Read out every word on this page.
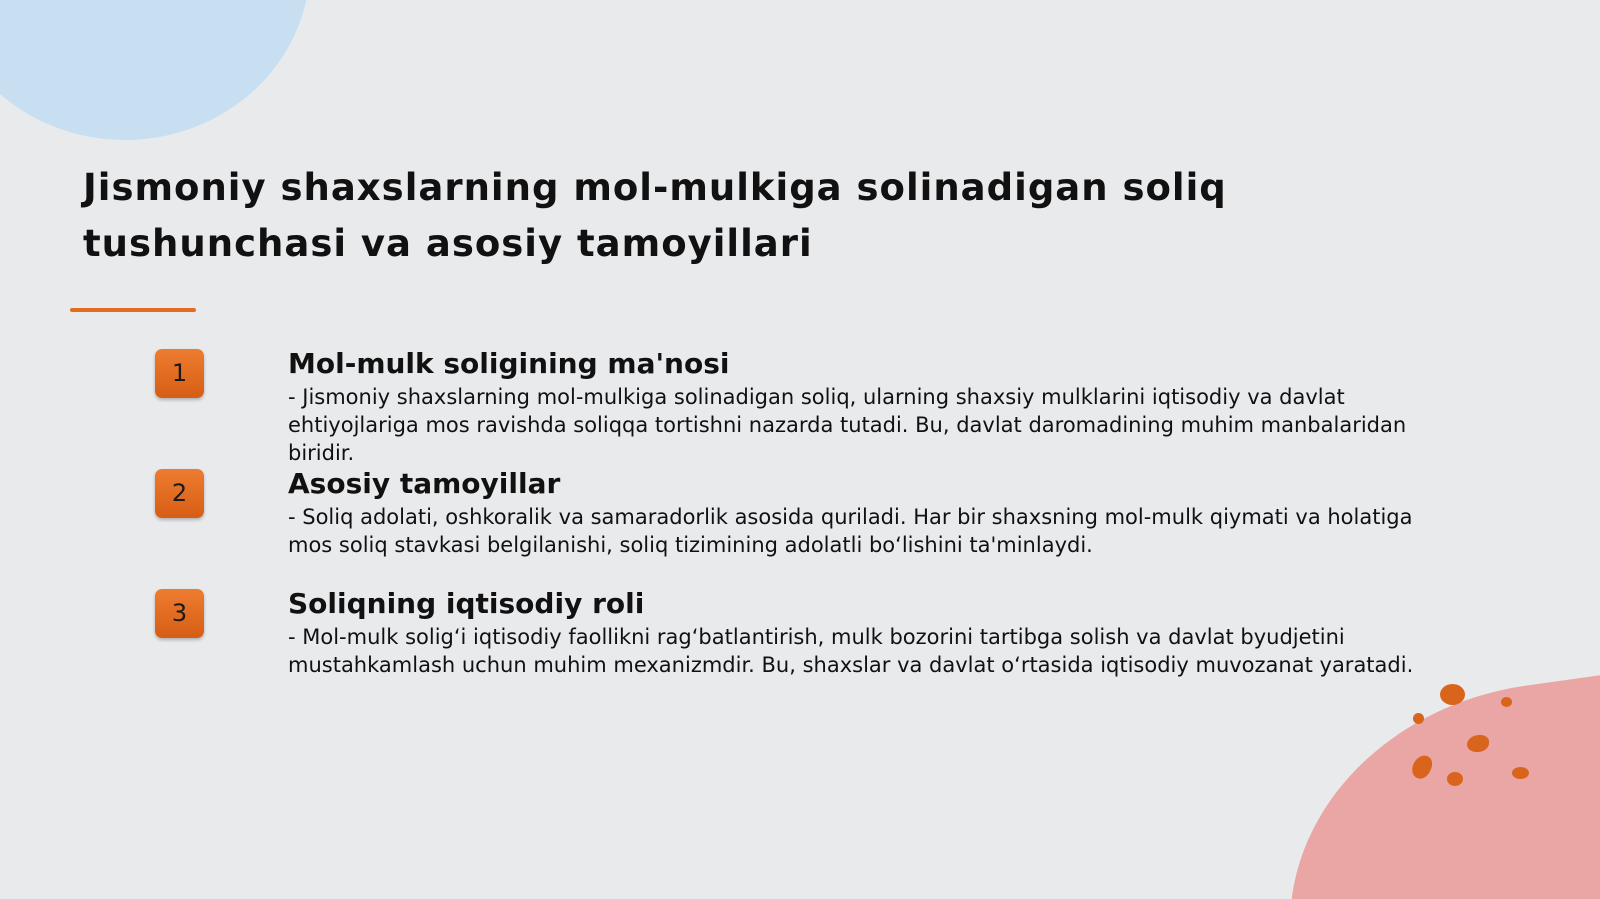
Jismoniy shaxslarning mol-mulkiga solinadigan soliq tushunchasi va asosiy tamoyillari
1	Mol-mulk soligining ma'nosi

- Jismoniy shaxslarning mol-mulkiga solinadigan soliq, ularning shaxsiy mulklarini iqtisodiy va davlat ehtiyojlariga mos ravishda soliqqa tortishni nazarda tutadi. Bu, davlat daromadining muhim manbalaridan biridir.

2	Asosiy tamoyillar

- Soliq adolati, oshkoralik va samaradorlik asosida quriladi. Har bir shaxsning mol-mulk qiymati va holatiga mos soliq stavkasi belgilanishi, soliq tizimining adolatli bo‘lishini ta'minlaydi.

3	Soliqning iqtisodiy roli

- Mol-mulk solig‘i iqtisodiy faollikni rag‘batlantirish, mulk bozorini tartibga solish va davlat byudjetini mustahkamlash uchun muhim mexanizmdir. Bu, shaxslar va davlat o‘rtasida iqtisodiy muvozanat yaratadi.
